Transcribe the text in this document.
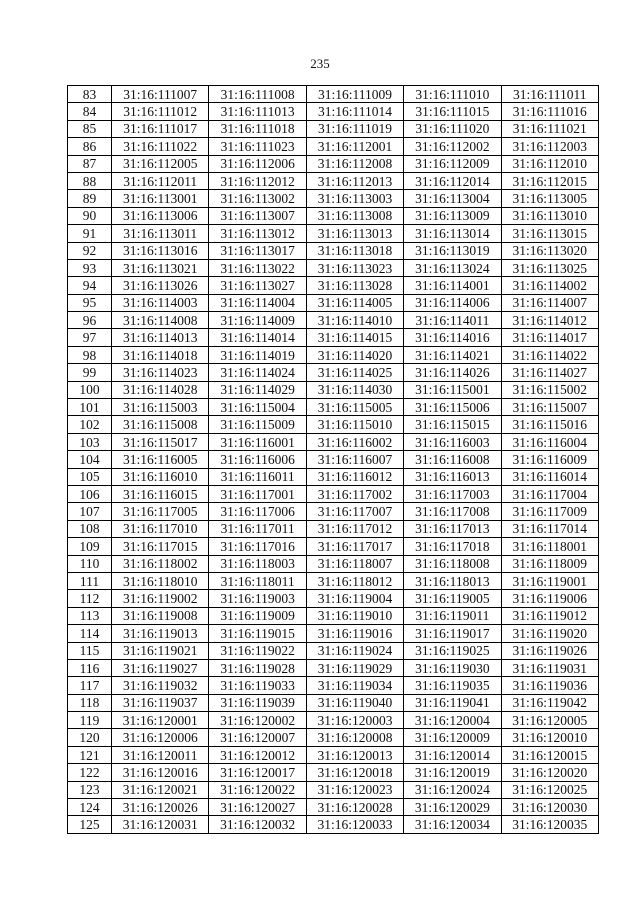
235
83	31:16:111007	31:16:111008	31:16:111009	31:16:111010	31:16:111011
84	31:16:111012	31:16:111013	31:16:111014	31:16:111015	31:16:111016
85	31:16:111017	31:16:111018	31:16:111019	31:16:111020	31:16:111021
86	31:16:111022	31:16:111023	31:16:112001	31:16:112002	31:16:112003
87	31:16:112005	31:16:112006	31:16:112008	31:16:112009	31:16:112010
88	31:16:112011	31:16:112012	31:16:112013	31:16:112014	31:16:112015
89	31:16:113001	31:16:113002	31:16:113003	31:16:113004	31:16:113005
90	31:16:113006	31:16:113007	31:16:113008	31:16:113009	31:16:113010
91	31:16:113011	31:16:113012	31:16:113013	31:16:113014	31:16:113015
92	31:16:113016	31:16:113017	31:16:113018	31:16:113019	31:16:113020
93	31:16:113021	31:16:113022	31:16:113023	31:16:113024	31:16:113025
94	31:16:113026	31:16:113027	31:16:113028	31:16:114001	31:16:114002
95	31:16:114003	31:16:114004	31:16:114005	31:16:114006	31:16:114007
96	31:16:114008	31:16:114009	31:16:114010	31:16:114011	31:16:114012
97	31:16:114013	31:16:114014	31:16:114015	31:16:114016	31:16:114017
98	31:16:114018	31:16:114019	31:16:114020	31:16:114021	31:16:114022
99	31:16:114023	31:16:114024	31:16:114025	31:16:114026	31:16:114027
100	31:16:114028	31:16:114029	31:16:114030	31:16:115001	31:16:115002
101	31:16:115003	31:16:115004	31:16:115005	31:16:115006	31:16:115007
102	31:16:115008	31:16:115009	31:16:115010	31:16:115015	31:16:115016
103	31:16:115017	31:16:116001	31:16:116002	31:16:116003	31:16:116004
104	31:16:116005	31:16:116006	31:16:116007	31:16:116008	31:16:116009
105	31:16:116010	31:16:116011	31:16:116012	31:16:116013	31:16:116014
106	31:16:116015	31:16:117001	31:16:117002	31:16:117003	31:16:117004
107	31:16:117005	31:16:117006	31:16:117007	31:16:117008	31:16:117009
108	31:16:117010	31:16:117011	31:16:117012	31:16:117013	31:16:117014
109	31:16:117015	31:16:117016	31:16:117017	31:16:117018	31:16:118001
110	31:16:118002	31:16:118003	31:16:118007	31:16:118008	31:16:118009
111	31:16:118010	31:16:118011	31:16:118012	31:16:118013	31:16:119001
112	31:16:119002	31:16:119003	31:16:119004	31:16:119005	31:16:119006
113	31:16:119008	31:16:119009	31:16:119010	31:16:119011	31:16:119012
114	31:16:119013	31:16:119015	31:16:119016	31:16:119017	31:16:119020
115	31:16:119021	31:16:119022	31:16:119024	31:16:119025	31:16:119026
116	31:16:119027	31:16:119028	31:16:119029	31:16:119030	31:16:119031
117	31:16:119032	31:16:119033	31:16:119034	31:16:119035	31:16:119036
118	31:16:119037	31:16:119039	31:16:119040	31:16:119041	31:16:119042
119	31:16:120001	31:16:120002	31:16:120003	31:16:120004	31:16:120005
120	31:16:120006	31:16:120007	31:16:120008	31:16:120009	31:16:120010
121	31:16:120011	31:16:120012	31:16:120013	31:16:120014	31:16:120015
122	31:16:120016	31:16:120017	31:16:120018	31:16:120019	31:16:120020
123	31:16:120021	31:16:120022	31:16:120023	31:16:120024	31:16:120025
124	31:16:120026	31:16:120027	31:16:120028	31:16:120029	31:16:120030
125	31:16:120031	31:16:120032	31:16:120033	31:16:120034	31:16:120035
